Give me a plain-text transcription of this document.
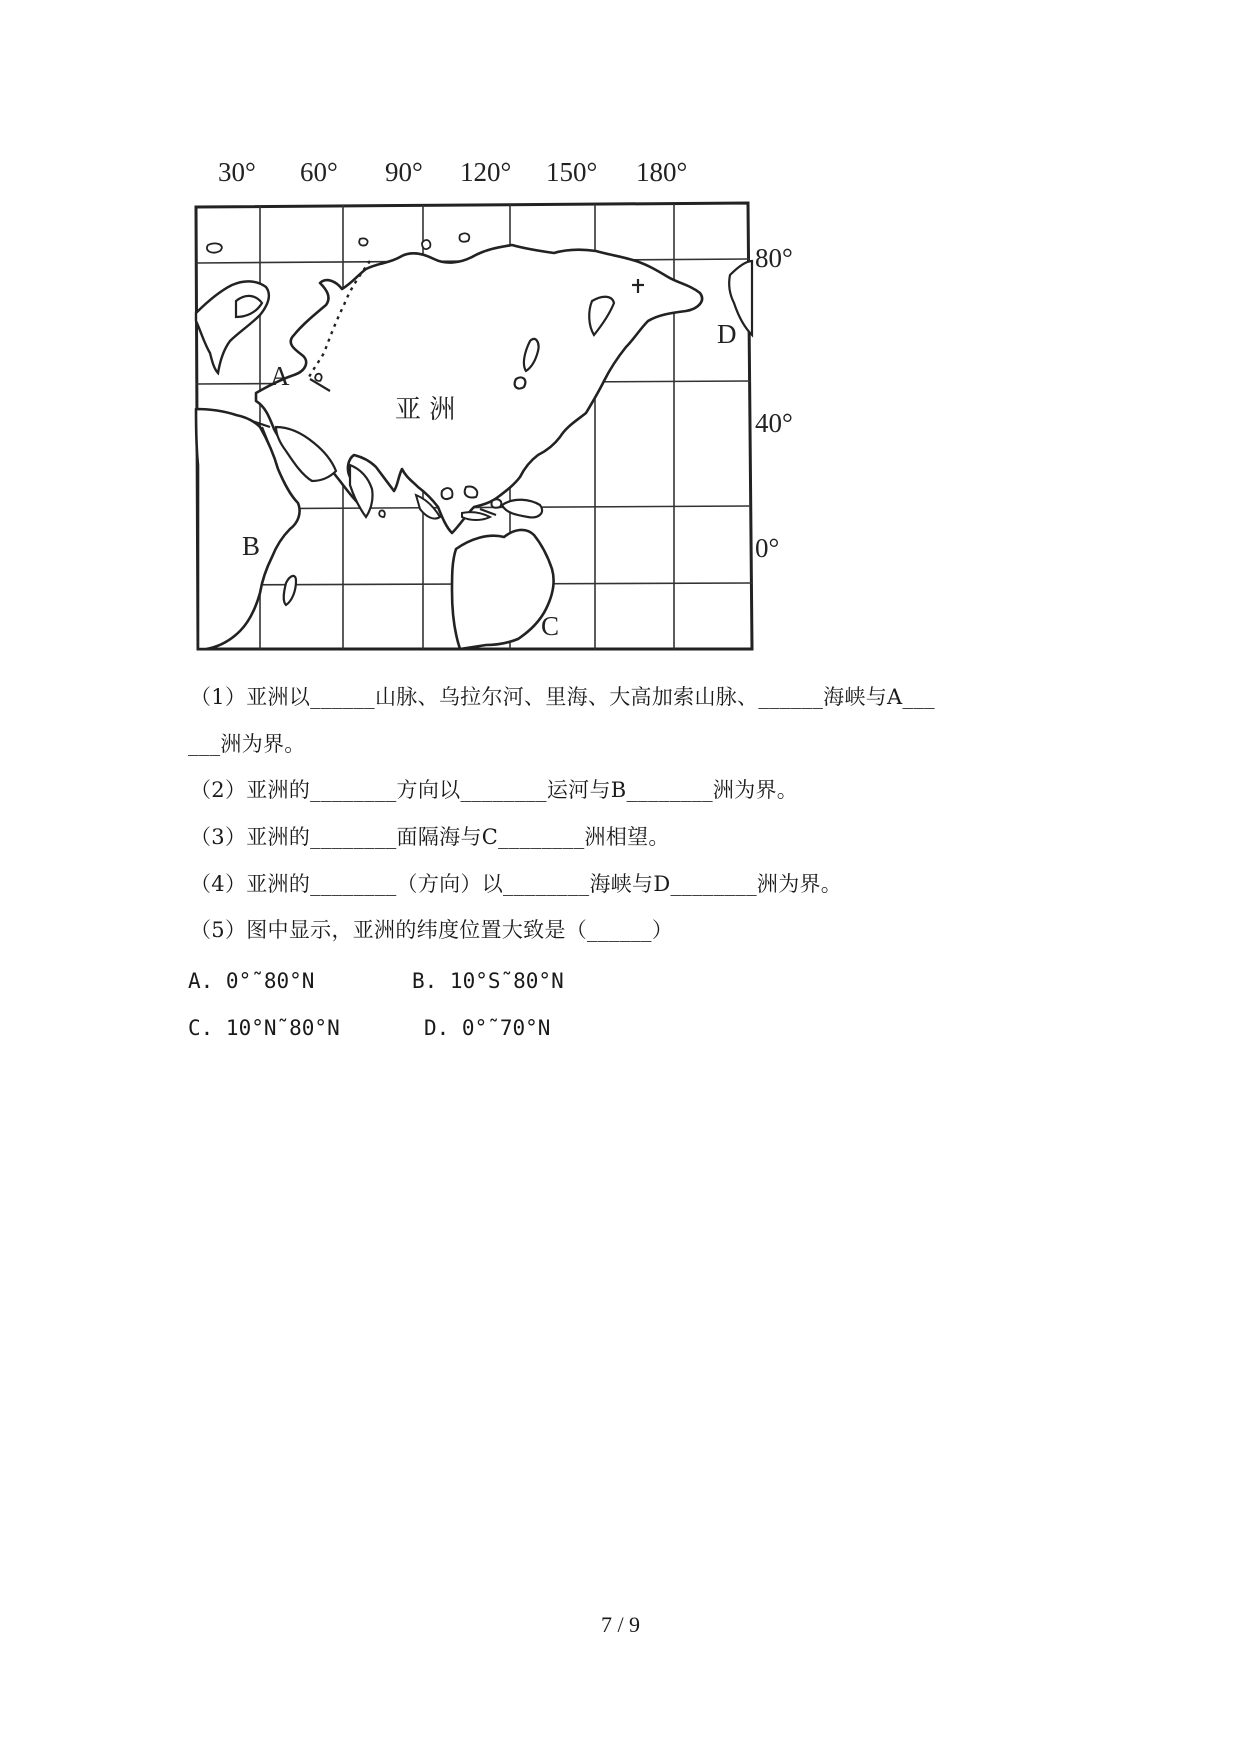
30° 60° 90° 120° 150° 180°
80°
40°
0°
亚 洲
A
B
C
D
（1）亚洲以______山脉、乌拉尔河、里海、大高加索山脉、______海峡与A___
___洲为界。
（2）亚洲的________方向以________运河与B________洲为界。
（3）亚洲的________面隔海与C________洲相望。
（4）亚洲的________（方向）以________海峡与D________洲为界。
（5）图中显示，亚洲的纬度位置大致是（______）
A. 0°˜80°N	B. 10°S˜80°N
C. 10°N˜80°N	D. 0°˜70°N
7 / 9
